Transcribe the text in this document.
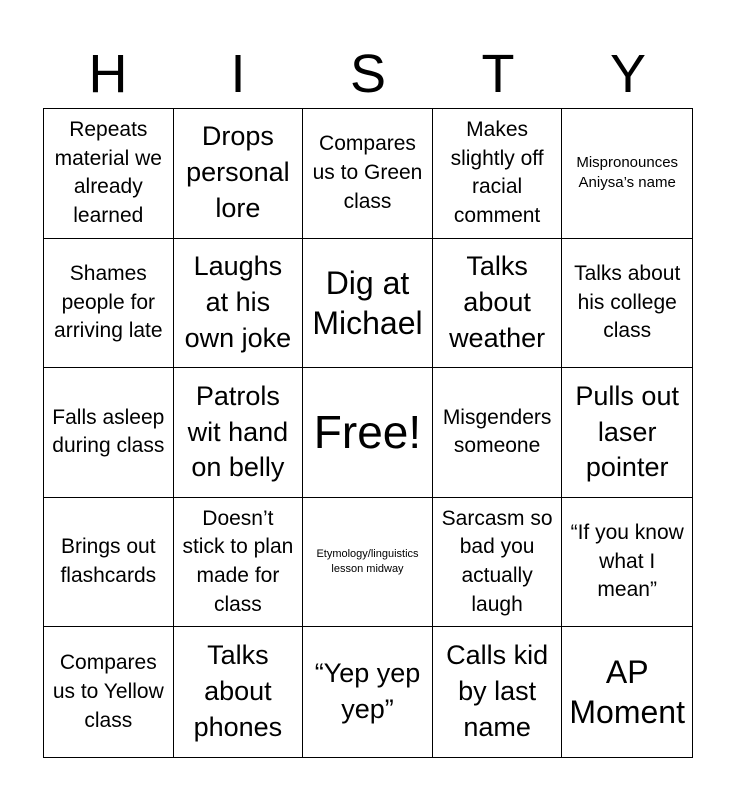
H	I	S	T	Y
Repeats material we already learned
Drops personal lore
Compares us to Green class
Makes slightly off racial comment
Mispronounces Aniysa’s name
Shames people for arriving late
Laughs at his own joke
Dig at Michael
Talks about weather
Talks about his college class
Falls asleep during class
Patrols wit hand on belly
Free! Misgenders someone
Pulls out laser pointer
Brings out flashcards
Doesn’t stick to plan made for class
Etymology/linguistics lesson midway
Sarcasm so bad you actually laugh
“If you know what I mean”
Compares us to Yellow class
Talks about phones
“Yep yep yep”
Calls kid by last name
AP Moment
